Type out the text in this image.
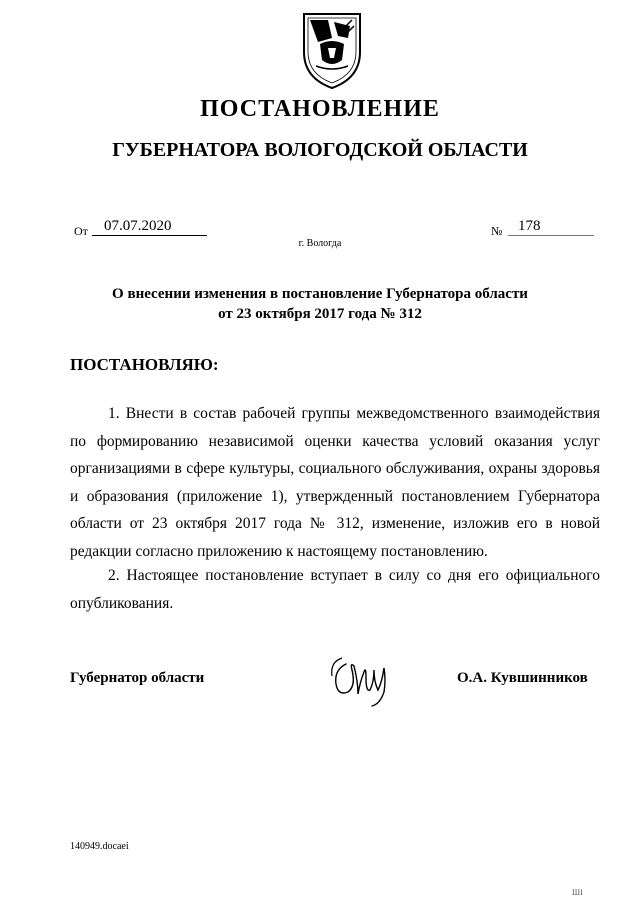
ПОСТАНОВЛЕНИЕ
ГУБЕРНАТОРА ВОЛОГОДСКОЙ ОБЛАСТИ
От 07.07.2020	№ 178
г. Вологда
О внесении изменения в постановление Губернатора области
от 23 октября 2017 года № 312
ПОСТАНОВЛЯЮ:
1. Внести в состав рабочей группы межведомственного взаимодействия по формированию независимой оценки качества условий оказания услуг организациями в сфере культуры, социального обслуживания, охраны здоровья и образования (приложение 1), утвержденный постановлением Губернатора области от 23 октября 2017 года № 312, изменение, изложив его в новой редакции согласно приложению к настоящему постановлению.
2. Настоящее постановление вступает в силу со дня его официального опубликования.
Губернатор области	О.А. Кувшинников
140949.docaei
ШI
